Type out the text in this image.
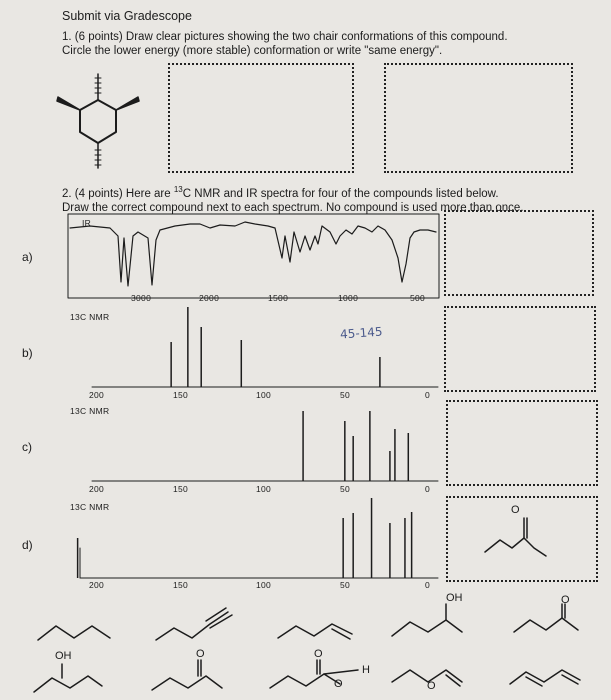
Submit via Gradescope
1. (6 points) Draw clear pictures showing the two chair conformations of this compound.
Circle the lower energy (more stable) conformation or write "same energy".
2. (4 points) Here are $^{13}$C NMR and IR spectra for four of the compounds listed below.
Draw the correct compound next to each spectrum. No compound is used more than once.
a)
b)
c)
d)
IR
13C NMR
13C NMR
13C NMR
3000	2000	1500	1000	500
200	150	100	50	0
200	150	100	50	0
200	150	100	50	0
45-145
OH	O
O
OH	O	O
H
O	O
